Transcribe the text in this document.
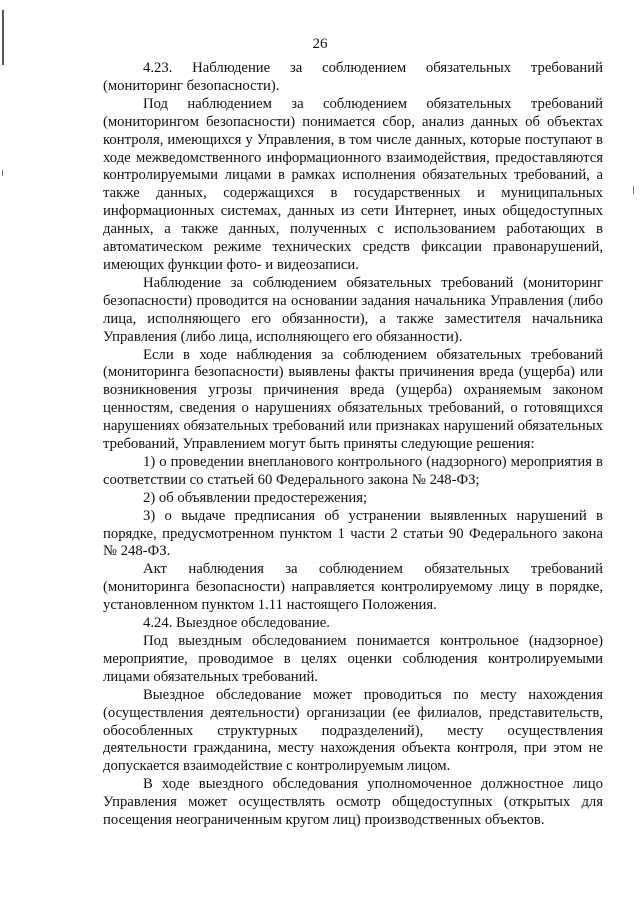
26

4.23. Наблюдение за соблюдением обязательных требований (мониторинг безопасности).

Под наблюдением за соблюдением обязательных требований (мониторингом безопасности) понимается сбор, анализ данных об объектах контроля, имеющихся у Управления, в том числе данных, которые поступают в ходе межведомственного информационного взаимодействия, предоставляются контролируемыми лицами в рамках исполнения обязательных требований, а также данных, содержащихся в государственных и муниципальных информационных системах, данных из сети Интернет, иных общедоступных данных, а также данных, полученных с использованием работающих в автоматическом режиме технических средств фиксации правонарушений, имеющих функции фото- и видеозаписи.

Наблюдение за соблюдением обязательных требований (мониторинг безопасности) проводится на основании задания начальника Управления (либо лица, исполняющего его обязанности), а также заместителя начальника Управления (либо лица, исполняющего его обязанности).

Если в ходе наблюдения за соблюдением обязательных требований (мониторинга безопасности) выявлены факты причинения вреда (ущерба) или возникновения угрозы причинения вреда (ущерба) охраняемым законом ценностям, сведения о нарушениях обязательных требований, о готовящихся нарушениях обязательных требований или признаках нарушений обязательных требований, Управлением могут быть приняты следующие решения:

1) о проведении внепланового контрольного (надзорного) мероприятия в соответствии со статьей 60 Федерального закона № 248-ФЗ;

2) об объявлении предостережения;

3) о выдаче предписания об устранении выявленных нарушений в порядке, предусмотренном пунктом 1 части 2 статьи 90 Федерального закона № 248-ФЗ.

Акт наблюдения за соблюдением обязательных требований (мониторинга безопасности) направляется контролируемому лицу в порядке, установленном пунктом 1.11 настоящего Положения.

4.24. Выездное обследование.

Под выездным обследованием понимается контрольное (надзорное) мероприятие, проводимое в целях оценки соблюдения контролируемыми лицами обязательных требований.

Выездное обследование может проводиться по месту нахождения (осуществления деятельности) организации (ее филиалов, представительств, обособленных структурных подразделений), месту осуществления деятельности гражданина, месту нахождения объекта контроля, при этом не допускается взаимодействие с контролируемым лицом.

В ходе выездного обследования уполномоченное должностное лицо Управления может осуществлять осмотр общедоступных (открытых для посещения неограниченным кругом лиц) производственных объектов.
